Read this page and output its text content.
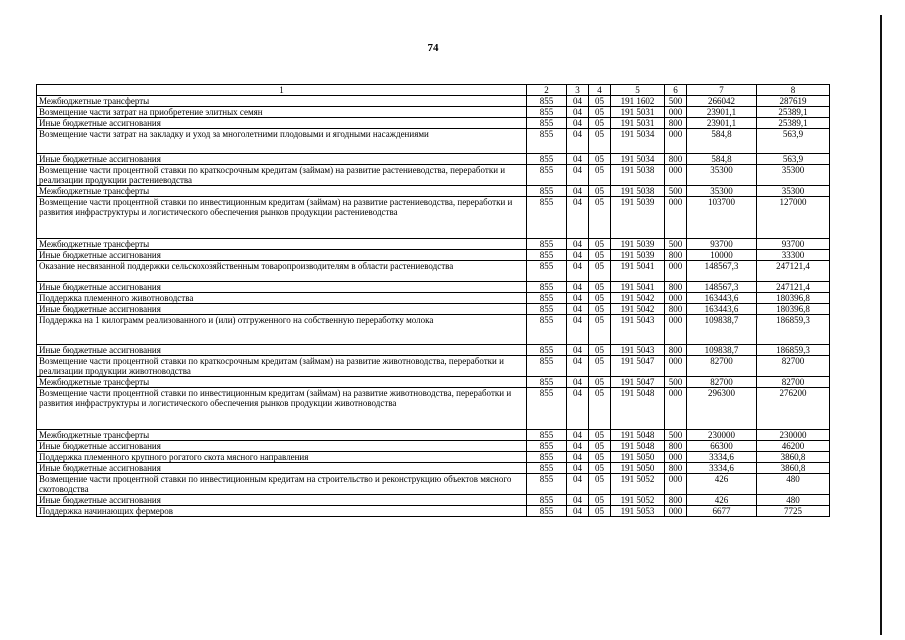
74
1	2	3	4	5	6	7	8
Межбюджетные трансферты	855	04	05	191 1602	500	266042	287619
Возмещение части затрат на приобретение элитных семян	855	04	05	191 5031	000	23901,1	25389,1
Иные бюджетные ассигнования	855	04	05	191 5031	800	23901,1	25389,1
Возмещение части затрат на закладку и уход за многолетними плодовыми и ягодными насаждениями	855	04	05	191 5034	000	584,8	563,9
Иные бюджетные ассигнования	855	04	05	191 5034	800	584,8	563,9
Возмещение части процентной ставки по краткосрочным кредитам (займам) на развитие растениеводства, переработки и реализации продукции растениеводства	855	04	05	191 5038	000	35300	35300
Межбюджетные трансферты	855	04	05	191 5038	500	35300	35300
Возмещение части процентной ставки по инвестиционным кредитам (займам) на развитие растениеводства, переработки и развития инфраструктуры и логистического обеспечения рынков продукции растениеводства	855	04	05	191 5039	000	103700	127000
Межбюджетные трансферты	855	04	05	191 5039	500	93700	93700
Иные бюджетные ассигнования	855	04	05	191 5039	800	10000	33300
Оказание несвязанной поддержки сельскохозяйственным товаропроизводителям в области растениеводства	855	04	05	191 5041	000	148567,3	247121,4
Иные бюджетные ассигнования	855	04	05	191 5041	800	148567,3	247121,4
Поддержка племенного животноводства	855	04	05	191 5042	000	163443,6	180396,8
Иные бюджетные ассигнования	855	04	05	191 5042	800	163443,6	180396,8
Поддержка на 1 килограмм реализованного и (или) отгруженного на собственную переработку молока	855	04	05	191 5043	000	109838,7	186859,3
Иные бюджетные ассигнования	855	04	05	191 5043	800	109838,7	186859,3
Возмещение части процентной ставки по краткосрочным кредитам (займам) на развитие животноводства, переработки и реализации продукции животноводства	855	04	05	191 5047	000	82700	82700
Межбюджетные трансферты	855	04	05	191 5047	500	82700	82700
Возмещение части процентной ставки по инвестиционным кредитам (займам) на развитие животноводства, переработки и развития инфраструктуры и логистического обеспечения рынков продукции животноводства	855	04	05	191 5048	000	296300	276200
Межбюджетные трансферты	855	04	05	191 5048	500	230000	230000
Иные бюджетные ассигнования	855	04	05	191 5048	800	66300	46200
Поддержка племенного крупного рогатого скота мясного направления	855	04	05	191 5050	000	3334,6	3860,8
Иные бюджетные ассигнования	855	04	05	191 5050	800	3334,6	3860,8
Возмещение части процентной ставки по инвестиционным кредитам на строительство и реконструкцию объектов мясного скотоводства	855	04	05	191 5052	000	426	480
Иные бюджетные ассигнования	855	04	05	191 5052	800	426	480
Поддержка начинающих фермеров	855	04	05	191 5053	000	6677	7725
